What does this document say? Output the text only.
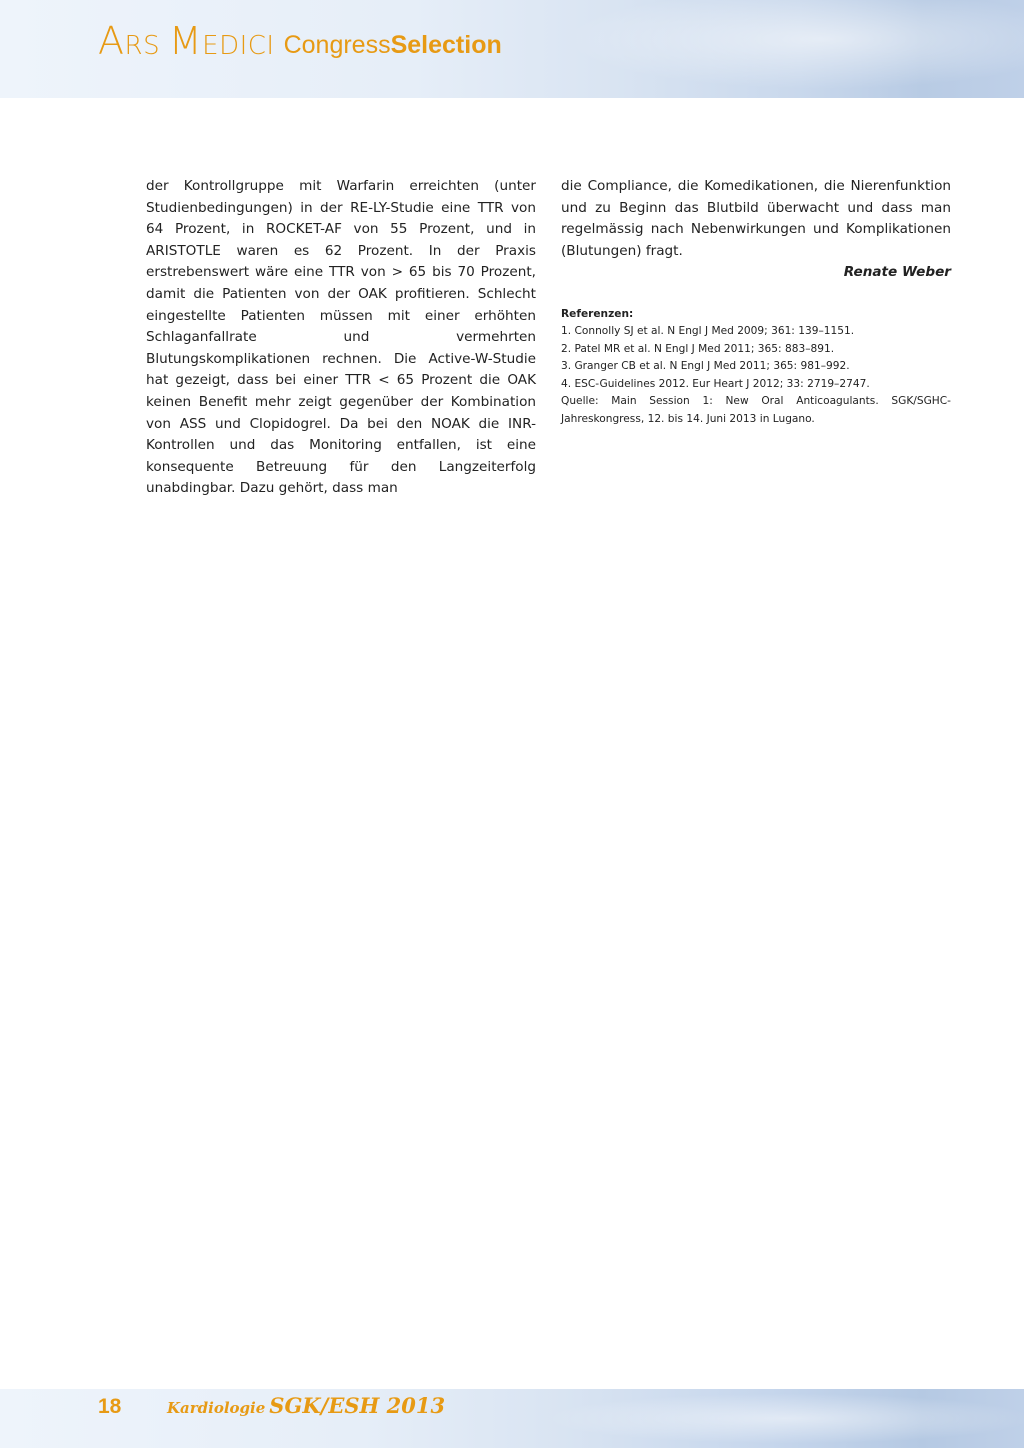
ARS MEDICI CongressSelection

der Kontrollgruppe mit Warfarin erreichten (unter Studienbedingungen) in der RE-LY-Studie eine TTR von 64 Prozent, in ROCKET-AF von 55 Prozent, und in ARISTOTLE waren es 62 Prozent. In der Praxis erstrebenswert wäre eine TTR von > 65 bis 70 Prozent, damit die Patienten von der OAK profitieren. Schlecht eingestellte Patienten müssen mit einer erhöhten Schlaganfallrate und vermehrten Blutungskomplikationen rechnen. Die Active-W-Studie hat gezeigt, dass bei einer TTR < 65 Prozent die OAK keinen Benefit mehr zeigt gegenüber der Kombination von ASS und Clopidogrel. Da bei den NOAK die INR-Kontrollen und das Monitoring entfallen, ist eine konsequente Betreuung für den Langzeiterfolg unabdingbar. Dazu gehört, dass man

die Compliance, die Komedikationen, die Nierenfunktion und zu Beginn das Blutbild überwacht und dass man regelmässig nach Nebenwirkungen und Komplikationen (Blutungen) fragt.

Renate Weber

Referenzen:
1. Connolly SJ et al. N Engl J Med 2009; 361: 139–1151.
2. Patel MR et al. N Engl J Med 2011; 365: 883–891.
3. Granger CB et al. N Engl J Med 2011; 365: 981–992.
4. ESC-Guidelines 2012. Eur Heart J 2012; 33: 2719–2747.

Quelle: Main Session 1: New Oral Anticoagulants. SGK/SGHC-Jahreskongress, 12. bis 14. Juni 2013 in Lugano.

18	Kardiologie SGK/ESH 2013
